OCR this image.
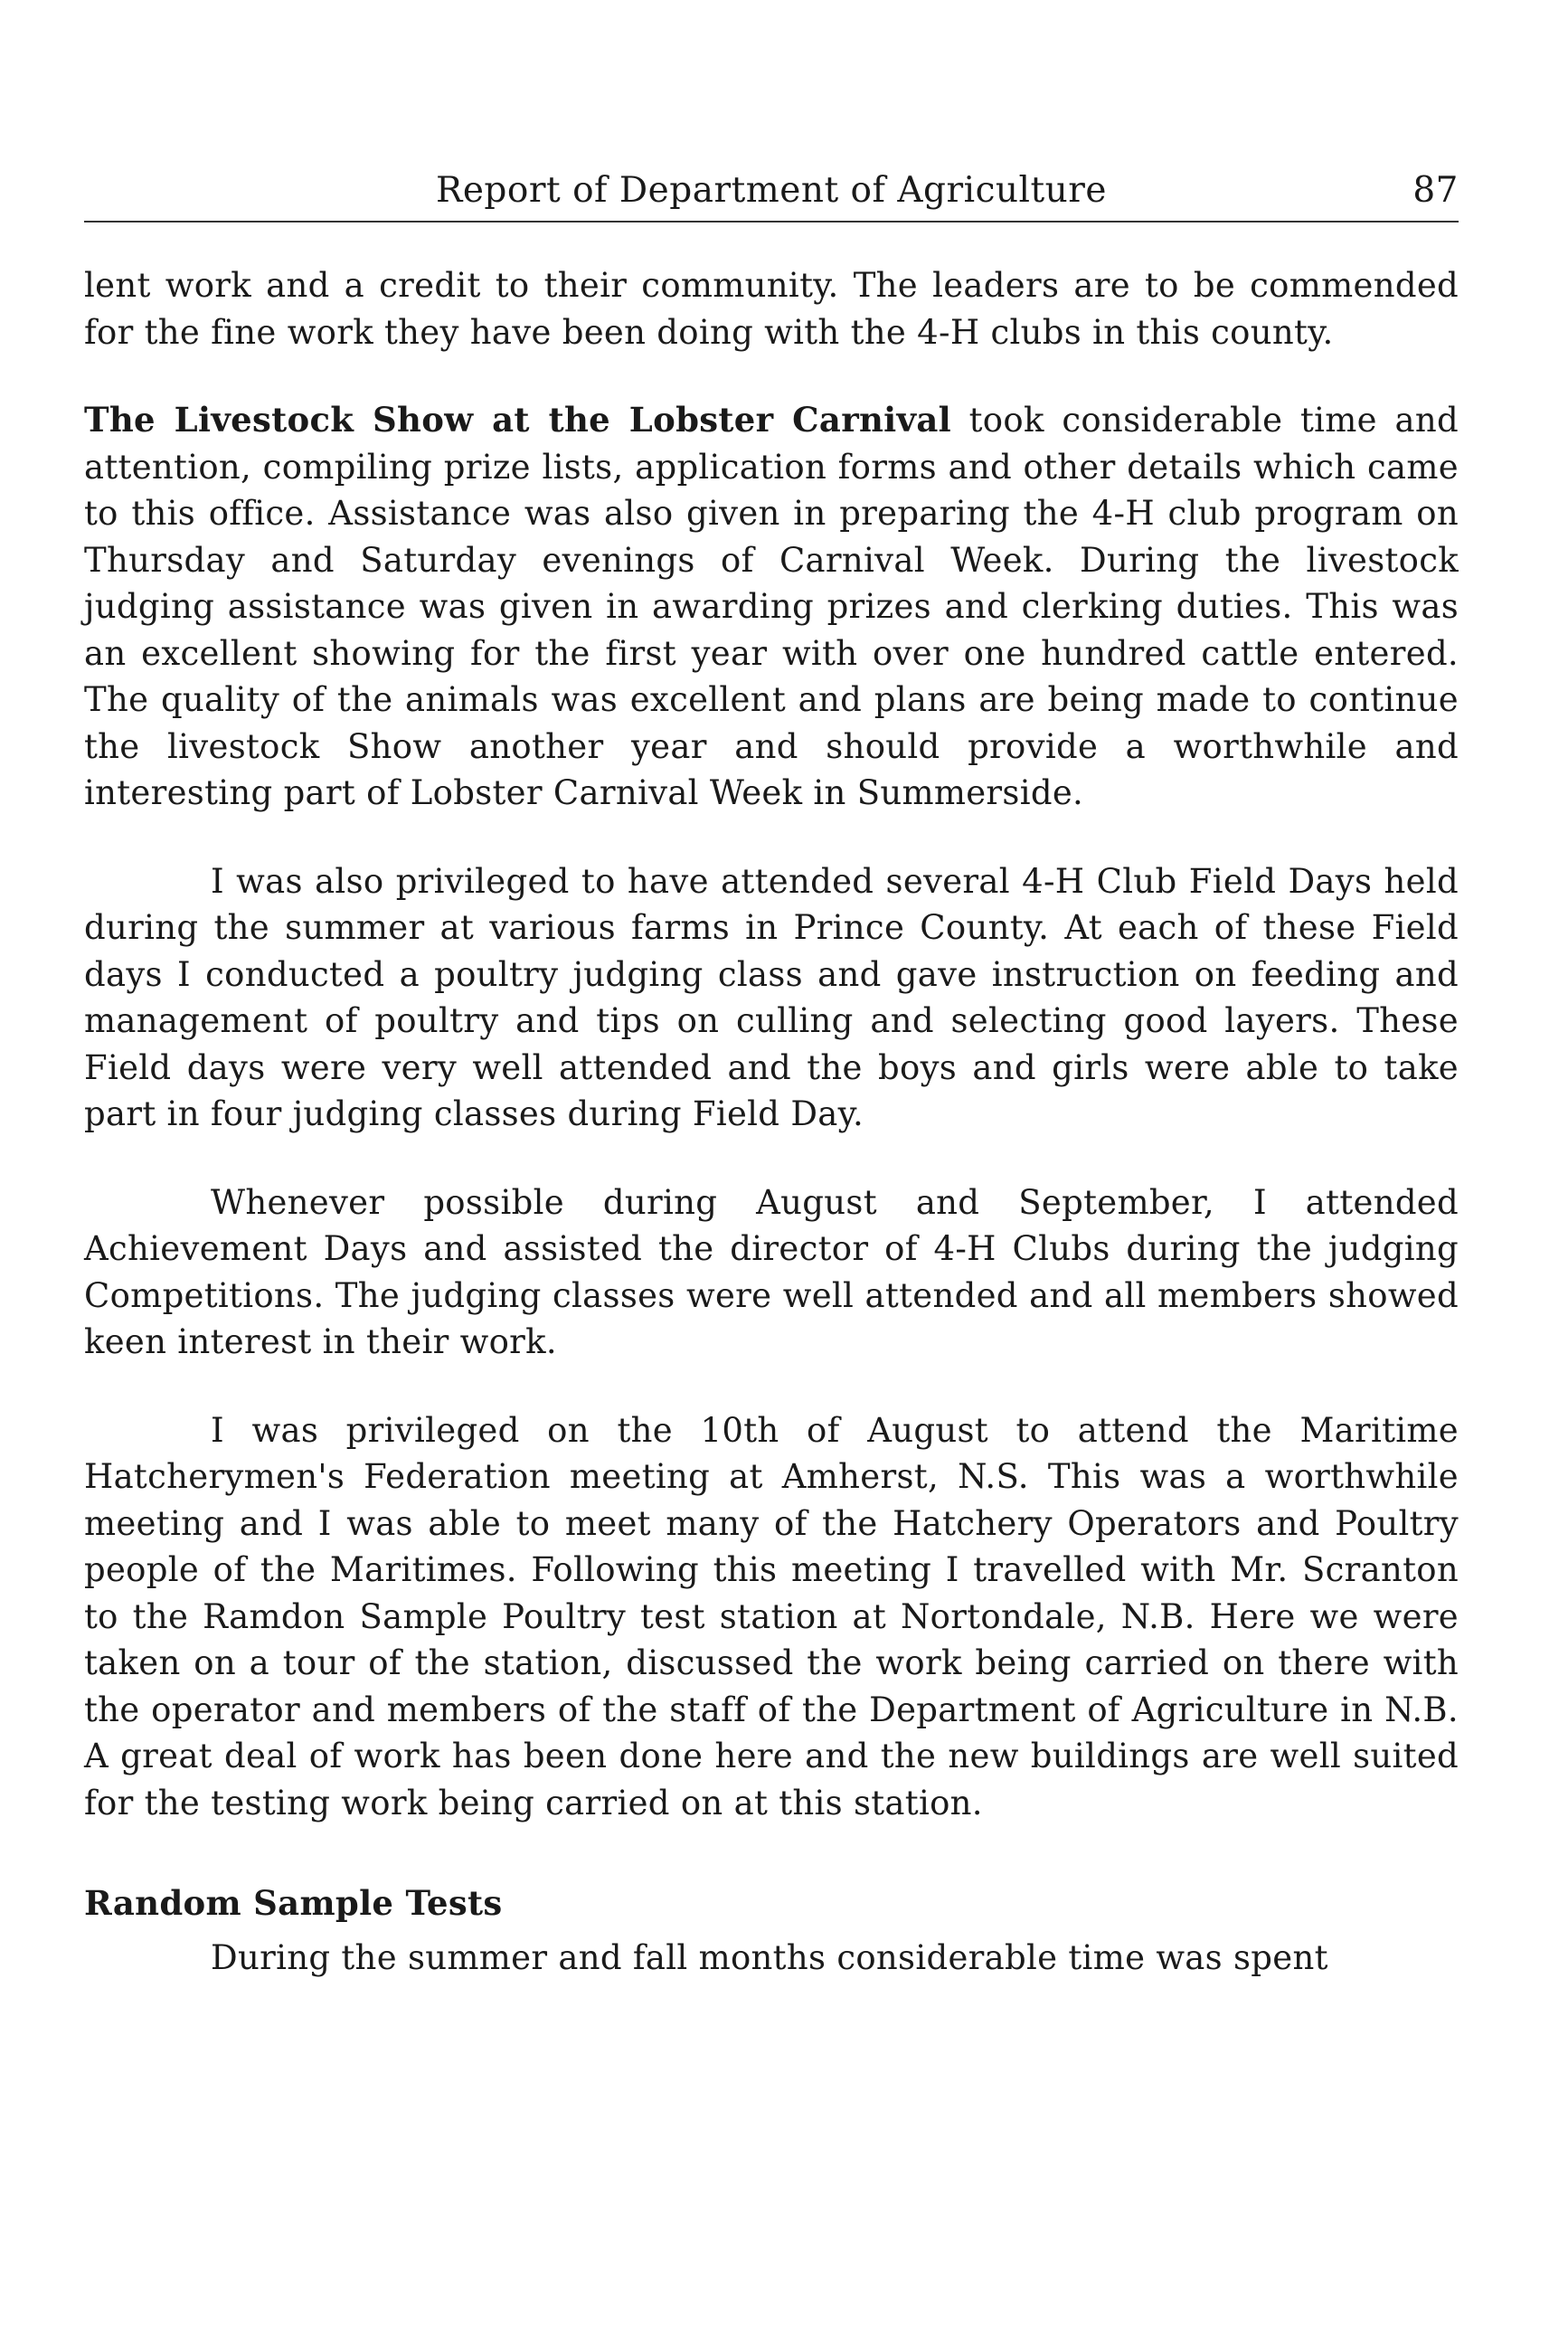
Report of Department of Agriculture	87

lent work and a credit to their community. The leaders are to be commended for the fine work they have been doing with the 4-H clubs in this county.

The Livestock Show at the Lobster Carnival took considerable time and attention, compiling prize lists, application forms and other details which came to this office. Assistance was also given in preparing the 4-H club program on Thursday and Saturday evenings of Carnival Week. During the livestock judging assistance was given in awarding prizes and clerking duties. This was an excellent showing for the first year with over one hundred cattle entered. The quality of the animals was excellent and plans are being made to continue the livestock Show another year and should provide a worthwhile and interesting part of Lobster Carnival Week in Summerside.

I was also privileged to have attended several 4-H Club Field Days held during the summer at various farms in Prince County. At each of these Field days I conducted a poultry judging class and gave instruction on feeding and management of poultry and tips on culling and selecting good layers. These Field days were very well attended and the boys and girls were able to take part in four judging classes during Field Day.

Whenever possible during August and September, I attended Achievement Days and assisted the director of 4-H Clubs during the judging Competitions. The judging classes were well attended and all members showed keen interest in their work.

I was privileged on the 10th of August to attend the Maritime Hatcherymen's Federation meeting at Amherst, N.S. This was a worthwhile meeting and I was able to meet many of the Hatchery Operators and Poultry people of the Maritimes. Following this meeting I travelled with Mr. Scranton to the Ramdon Sample Poultry test station at Nortondale, N.B. Here we were taken on a tour of the station, discussed the work being carried on there with the operator and members of the staff of the Department of Agriculture in N.B. A great deal of work has been done here and the new buildings are well suited for the testing work being carried on at this station.

Random Sample Tests

During the summer and fall months considerable time was spent
